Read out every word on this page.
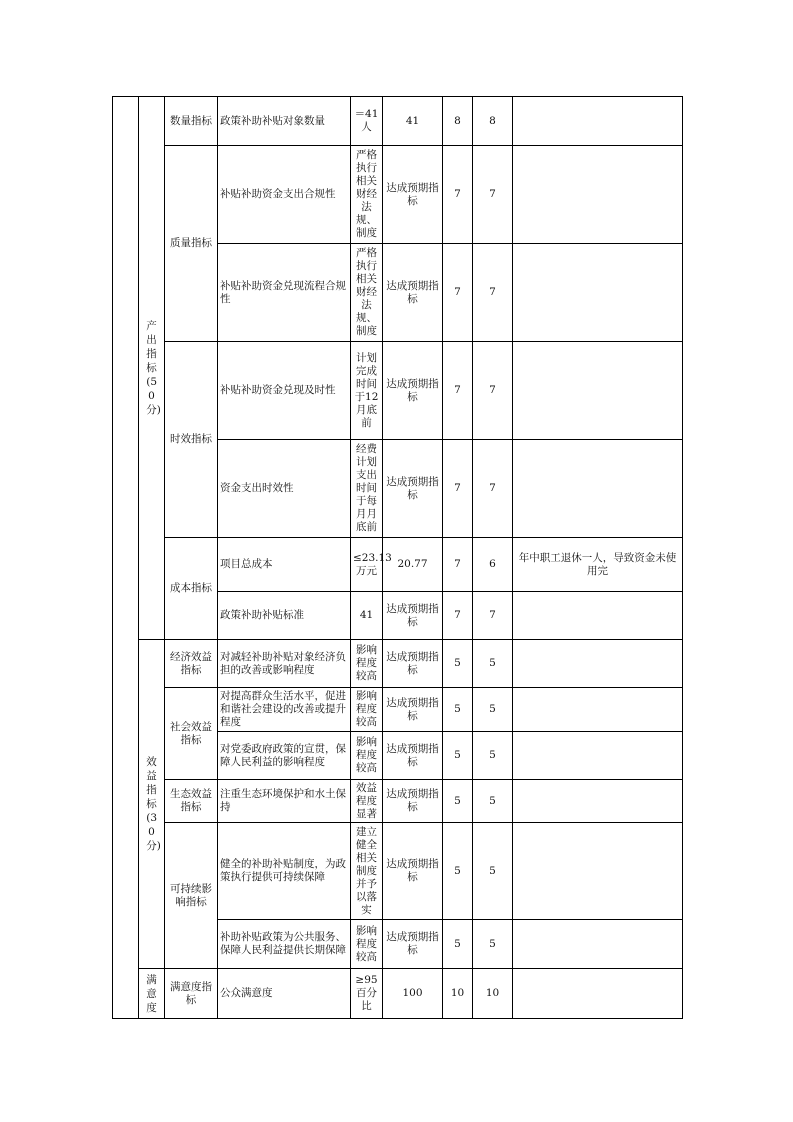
	产出指标(50分)	数量指标	政策补助补贴对象数量	＝41人	41	8	8	
		质量指标	补贴补助资金支出合规性	严格执行相关财经法规、制度	达成预期指标	7	7	
			补贴补助资金兑现流程合规性	严格执行相关财经法规、制度	达成预期指标	7	7	
		时效指标	补贴补助资金兑现及时性	计划完成时间于12月底前	达成预期指标	7	7	
			资金支出时效性	经费计划支出时间于每月月底前	达成预期指标	7	7	
		成本指标	项目总成本	≤23.13万元	20.77	7	6	年中职工退休一人，导致资金未使用完
			政策补助补贴标准	41	达成预期指标	7	7	

	效益指标(30分)	经济效益指标	对减轻补助补贴对象经济负担的改善或影响程度	影响程度较高	达成预期指标	5	5	
		社会效益指标	对提高群众生活水平，促进和谐社会建设的改善或提升程度	影响程度较高	达成预期指标	5	5	
			对党委政府政策的宣贯，保障人民利益的影响程度	影响程度较高	达成预期指标	5	5	
		生态效益指标	注重生态环境保护和水土保持	效益程度显著	达成预期指标	5	5	
		可持续影响指标	健全的补助补贴制度，为政策执行提供可持续保障	建立健全相关制度并予以落实	达成预期指标	5	5	
			补助补贴政策为公共服务、保障人民利益提供长期保障	影响程度较高	达成预期指标	5	5	

	满意度	满意度指标	公众满意度	≥95百分比	100	10	10	
